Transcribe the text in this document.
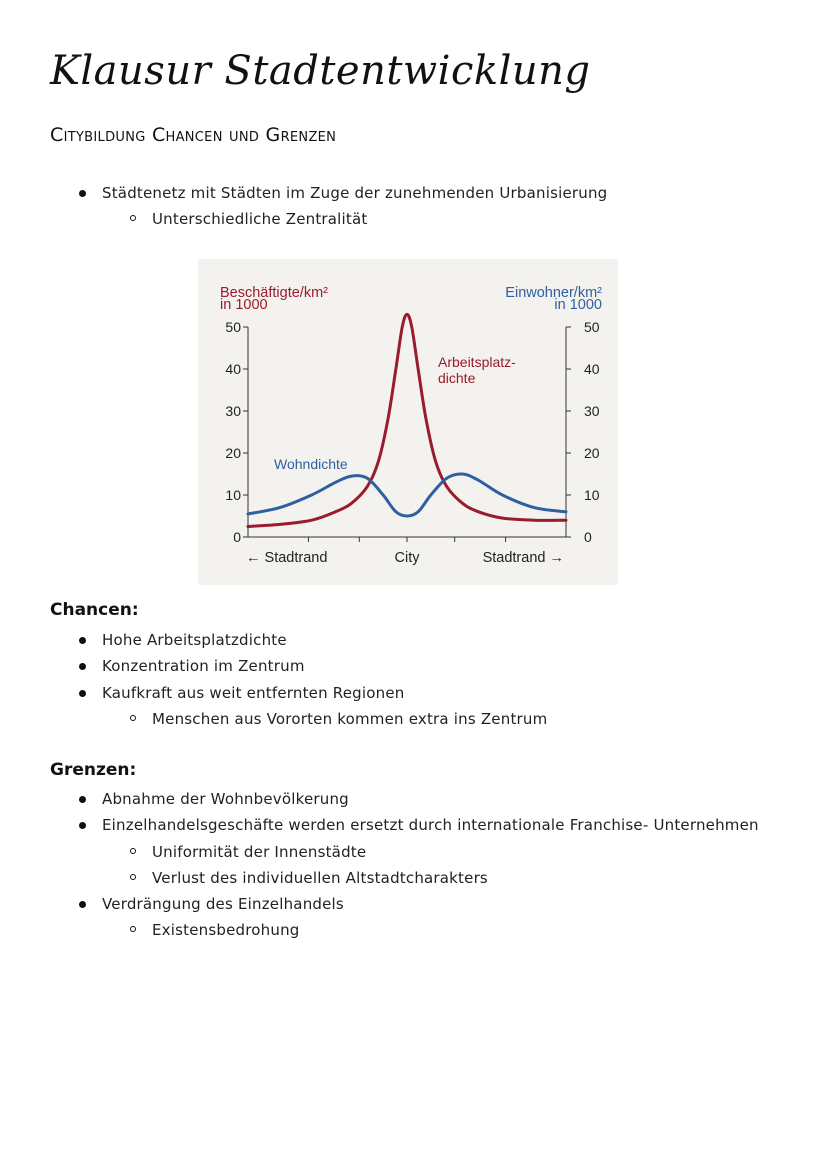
Klausur Stadtentwicklung
Citybildung Chancen und Grenzen
Städtenetz mit Städten im Zuge der zunehmenden Urbanisierung
Unterschiedliche Zentralität
0
10
20
30
40
50
0
10
20
30
40
50
Beschäftigte/km²
in 1000
Einwohner/km²
in 1000
← Stadtrand	City	Stadtrand →
Arbeitsplatz-
dichte
Wohndichte
Chancen:
Hohe Arbeitsplatzdichte
Konzentration im Zentrum
Kaufkraft aus weit entfernten Regionen
Menschen aus Vororten kommen extra ins Zentrum
Grenzen:
Abnahme der Wohnbevölkerung
Einzelhandelsgeschäfte werden ersetzt durch internationale Franchise- Unternehmen
Uniformität der Innenstädte
Verlust des individuellen Altstadtcharakters
Verdrängung des Einzelhandels
Existensbedrohung
